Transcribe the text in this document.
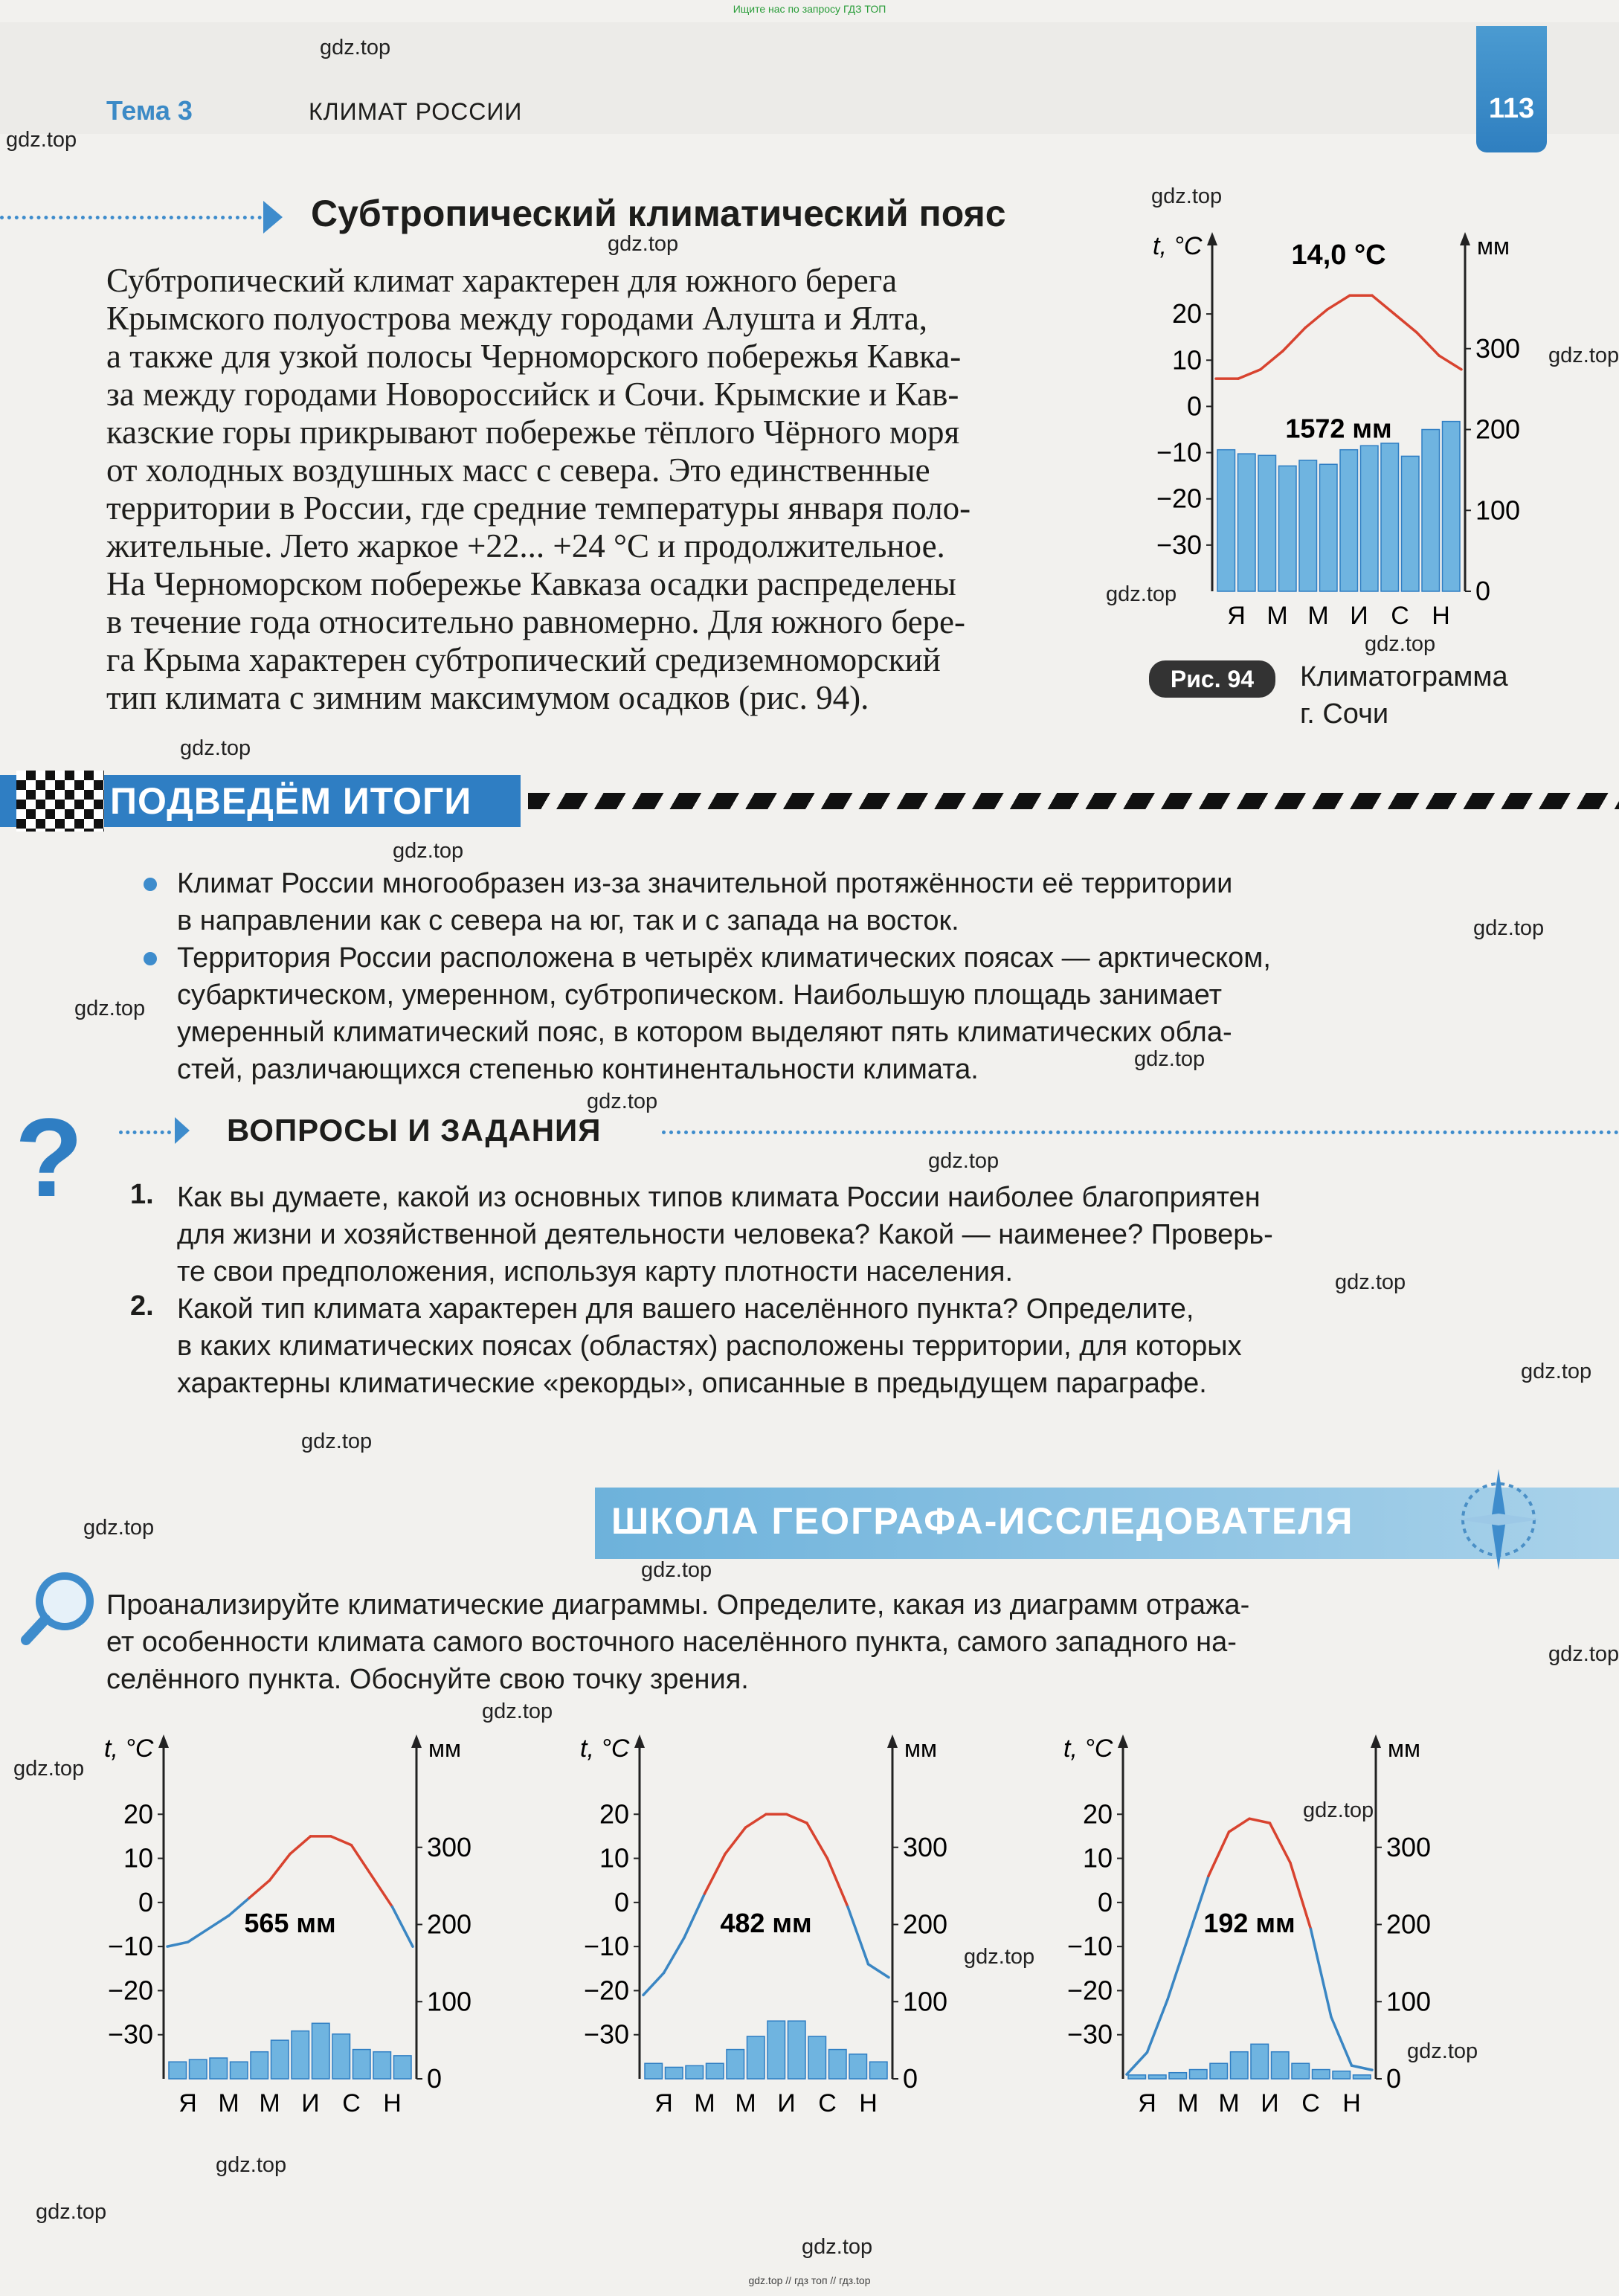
Ищите нас по запросу ГДЗ ТОП
gdz.top // гдз топ // гдз.top
Тема 3	КЛИМАТ РОССИИ	113

Субтропический климатический пояс
Субтропический климат характерен для южного берега
Крымского полуострова между городами Алушта и Ялта,
а также для узкой полосы Черноморского побережья Кавка-
за между городами Новороссийск и Сочи. Крымские и Кав-
казские горы прикрывают побережье тёплого Чёрного моря
от холодных воздушных масс с севера. Это единственные
территории в России, где средние температуры января поло-
жительные. Лето жаркое +22... +24 °С и продолжительное.
На Черноморском побережье Кавказа осадки распределены
в течение года относительно равномерно. Для южного бере-
га Крыма характерен субтропический средиземноморский
тип климата с зимним максимумом осадков (рис. 94).
t, °С	мм
20
10
0
−10
−20
−30
300
200
100
0
Я М М И С Н
14,0 °С
1572 мм
Рис. 94	Климатограмма
г. Сочи
ПОДВЕДЁМ ИТОГИ
Климат России многообразен из-за значительной протяжённости её территории
в направлении как с севера на юг, так и с запада на восток.
Территория России расположена в четырёх климатических поясах — арктическом,
субарктическом, умеренном, субтропическом. Наибольшую площадь занимает
умеренный климатический пояс, в котором выделяют пять климатических обла-
стей, различающихся степенью континентальности климата.
?	ВОПРОСЫ И ЗАДАНИЯ
1. Как вы думаете, какой из основных типов климата России наиболее благоприятен
для жизни и хозяйственной деятельности человека? Какой — наименее? Проверь-
те свои предположения, используя карту плотности населения.
2. Какой тип климата характерен для вашего населённого пункта? Определите,
в каких климатических поясах (областях) расположены территории, для которых
характерны климатические «рекорды», описанные в предыдущем параграфе.
ШКОЛА ГЕОГРАФА-ИССЛЕДОВАТЕЛЯ
Проанализируйте климатические диаграммы. Определите, какая из диаграмм отража-
ет особенности климата самого восточного населённого пункта, самого западного на-
селённого пункта. Обоснуйте свою точку зрения.
t, °С	мм
20
10
0
−10
−20
−30
300
200
100
0
Я М М И С Н
565 мм
t, °С	мм
20
10
0
−10
−20
−30
300
200
100
0
Я М М И С Н
482 мм
t, °С	мм
20
10
0
−10
−20
−30
300
200
100
0
Я М М И С Н
192 мм
gdz.top
gdz.top
gdz.top
gdz.top
gdz.top
gdz.top
gdz.top
gdz.top
gdz.top
gdz.top
gdz.top
gdz.top
gdz.top
gdz.top
gdz.top
gdz.top
gdz.top
gdz.top
gdz.top
gdz.top
gdz.top
gdz.top
gdz.top
gdz.top
gdz.top
gdz.top
gdz.top
gdz.top
